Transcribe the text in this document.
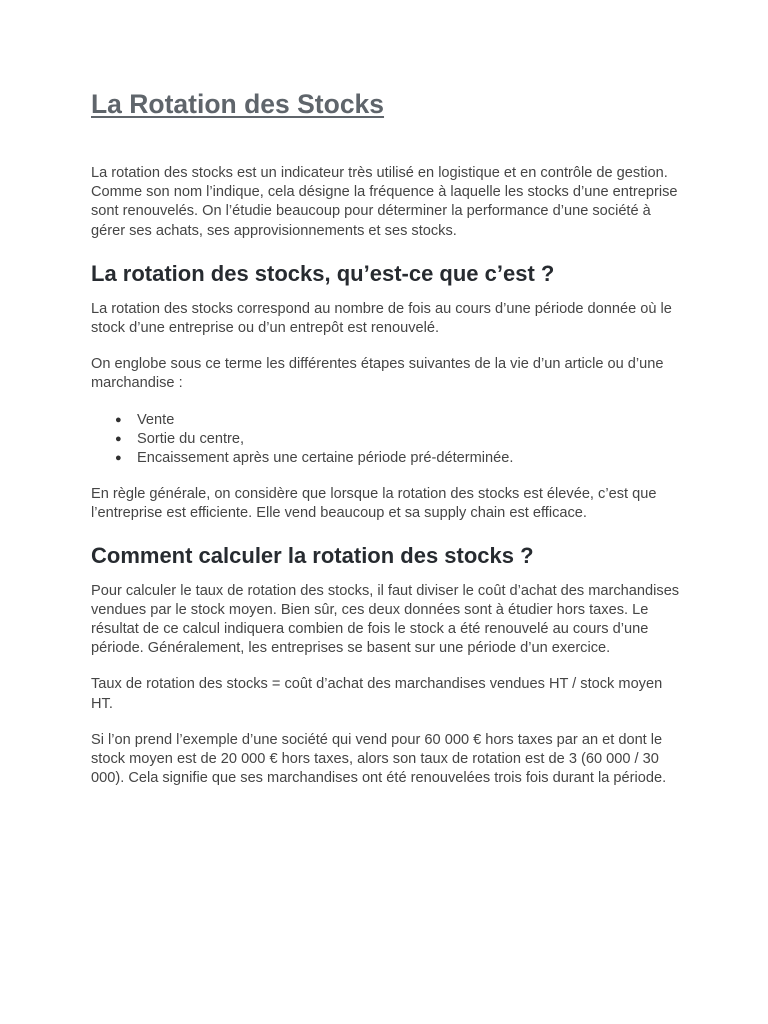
La Rotation des Stocks

La rotation des stocks est un indicateur très utilisé en logistique et en contrôle de gestion. Comme son nom l’indique, cela désigne la fréquence à laquelle les stocks d’une entreprise sont renouvelés. On l’étudie beaucoup pour déterminer la performance d’une société à gérer ses achats, ses approvisionnements et ses stocks.

La rotation des stocks, qu’est-ce que c’est ?

La rotation des stocks correspond au nombre de fois au cours d’une période donnée où le stock d’une entreprise ou d’un entrepôt est renouvelé.

On englobe sous ce terme les différentes étapes suivantes de la vie d’un article ou d’une marchandise :

● Vente
● Sortie du centre,
● Encaissement après une certaine période pré-déterminée.

En règle générale, on considère que lorsque la rotation des stocks est élevée, c’est que l’entreprise est efficiente. Elle vend beaucoup et sa supply chain est efficace.

Comment calculer la rotation des stocks ?

Pour calculer le taux de rotation des stocks, il faut diviser le coût d’achat des marchandises vendues par le stock moyen. Bien sûr, ces deux données sont à étudier hors taxes. Le résultat de ce calcul indiquera combien de fois le stock a été renouvelé au cours d’une période. Généralement, les entreprises se basent sur une période d’un exercice.

Taux de rotation des stocks = coût d’achat des marchandises vendues HT / stock moyen HT.

Si l’on prend l’exemple d’une société qui vend pour 60 000 € hors taxes par an et dont le stock moyen est de 20 000 € hors taxes, alors son taux de rotation est de 3 (60 000 / 30 000). Cela signifie que ses marchandises ont été renouvelées trois fois durant la période.
